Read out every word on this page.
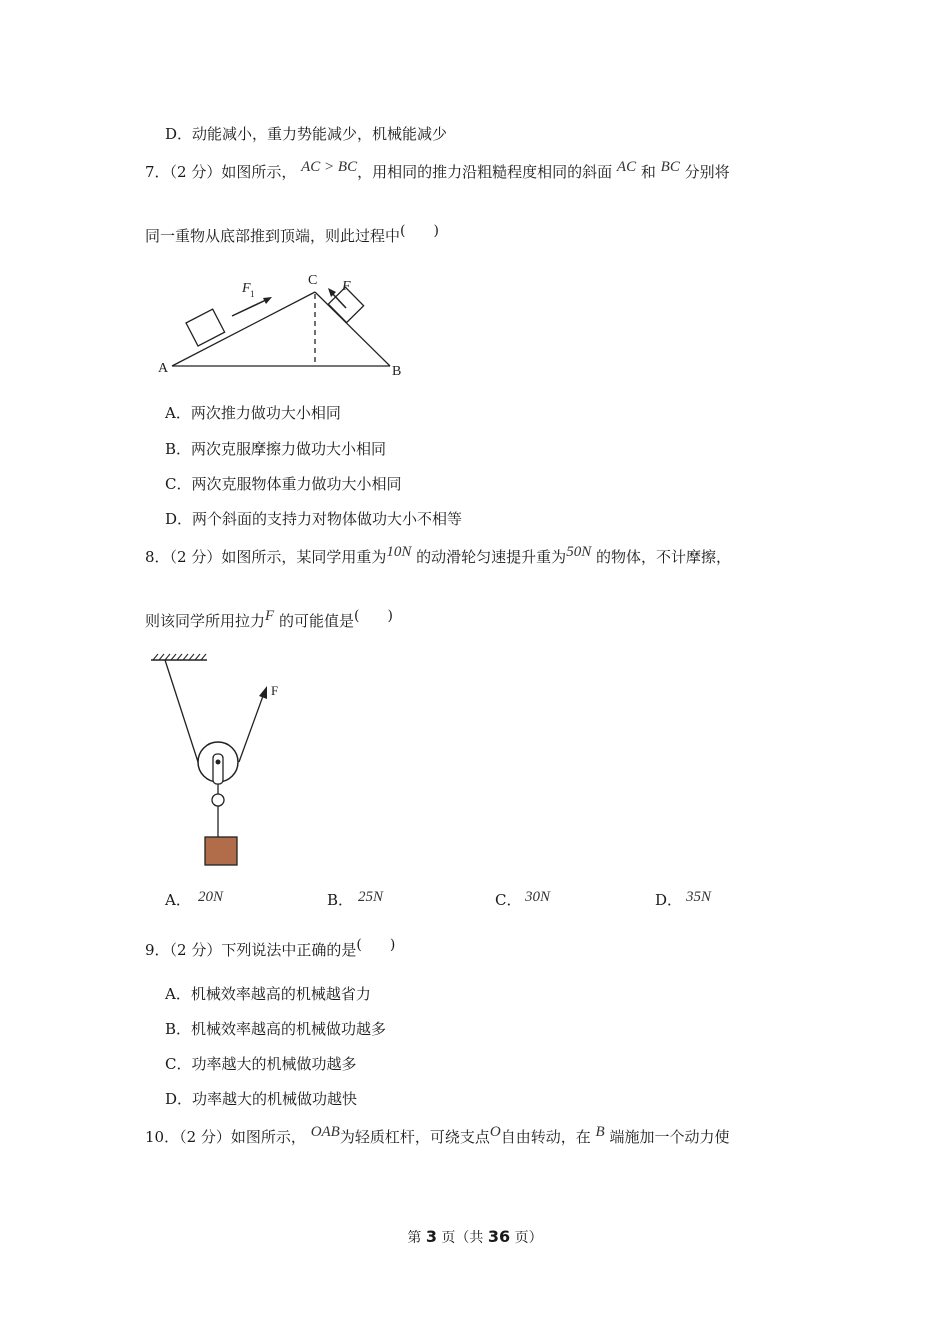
D．动能减小，重力势能减少，机械能减少
7．（2 分）如图所示， AC > BC，用相同的推力沿粗糙程度相同的斜面 AC 和 BC 分别将
同一重物从底部推到顶端，则此过程中(　　)
A	B
C
F 1	F
A．两次推力做功大小相同
B．两次克服摩擦力做功大小相同
C．两次克服物体重力做功大小相同
D．两个斜面的支持力对物体做功大小不相等
8．（2 分）如图所示，某同学用重为10N 的动滑轮匀速提升重为50N 的物体，不计摩擦，
则该同学所用拉力F 的可能值是(　　)
F
A． 20N	B． 25N	C． 30N	D． 35N
9．（2 分）下列说法中正确的是(　　)
A．机械效率越高的机械越省力
B．机械效率越高的机械做功越多
C．功率越大的机械做功越多
D．功率越大的机械做功越快
10．（2 分）如图所示， OAB为轻质杠杆，可绕支点O自由转动，在 B 端施加一个动力使
第 3 页（共 36 页）
